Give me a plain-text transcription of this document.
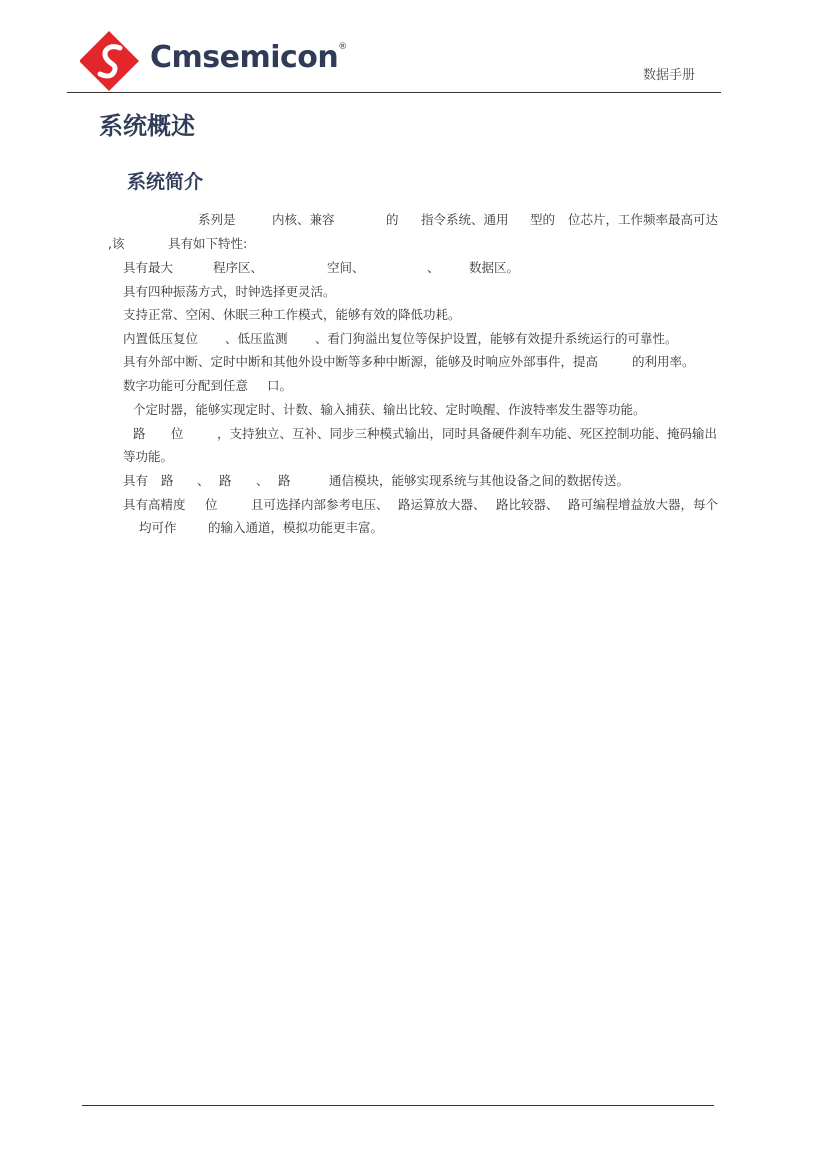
Cmsemicon®
数据手册
系统概述
系统简介
系列是	内核、兼容	的 指令系统、通用 型的 位芯片，工作频率最高可达
,该	具有如下特性:
具有最大	程序区、	空间、	、 数据区。
具有四种振荡方式，时钟选择更灵活。
支持正常、空闲、休眠三种工作模式，能够有效的降低功耗。
内置低压复位 、低压监测 、看门狗溢出复位等保护设置，能够有效提升系统运行的可靠性。
具有外部中断、定时中断和其他外设中断等多种中断源，能够及时响应外部事件，提高	的利用率。
数字功能可分配到任意 口。
个定时器，能够实现定时、计数、输入捕获、输出比较、定时唤醒、作波特率发生器等功能。
路 位	，支持独立、互补、同步三种模式输出，同时具备硬件刹车功能、死区控制功能、掩码输出
等功能。
具有 路 、 路 、 路	通信模块，能够实现系统与其他设备之间的数据传送。
具有高精度 位	且可选择内部参考电压、 路运算放大器、 路比较器、 路可编程增益放大器，每个
均可作	的输入通道，模拟功能更丰富。
